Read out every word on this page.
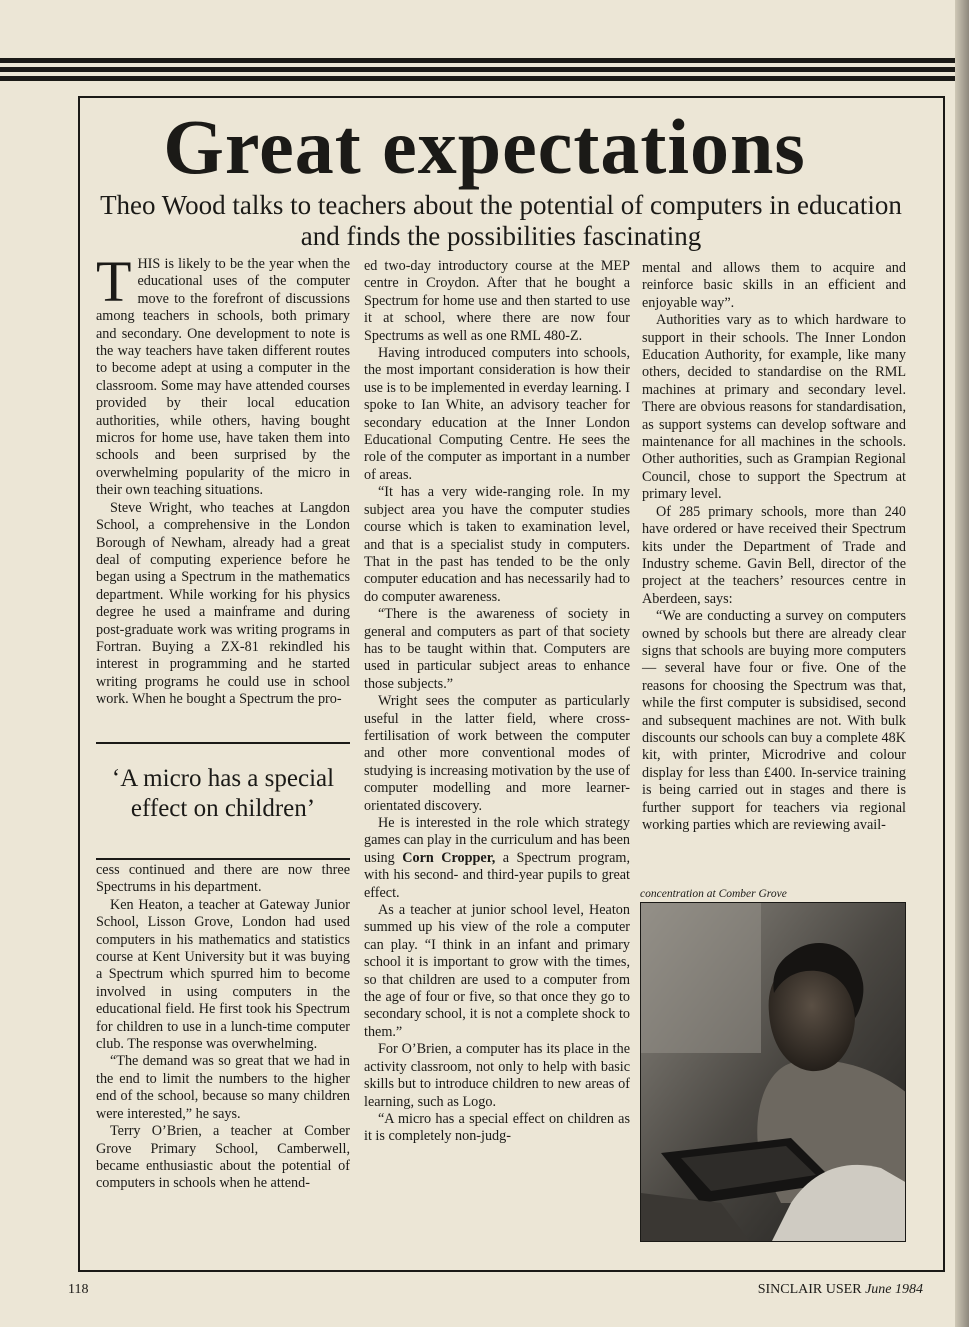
Great expectations
Theo Wood talks to teachers about the potential of computers in education and finds the possibilities fascinating

THIS is likely to be the year when the educational uses of the computer move to the forefront of discussions among teachers in schools, both primary and secondary. One development to note is the way teachers have taken different routes to become adept at using a computer in the classroom. Some may have attended courses provided by their local education authorities, while others, having bought micros for home use, have taken them into schools and been surprised by the overwhelming popularity of the micro in their own teaching situations.

Steve Wright, who teaches at Langdon School, a comprehensive in the London Borough of Newham, already had a great deal of computing experience before he began using a Spectrum in the mathematics department. While working for his physics degree he used a mainframe and during post-graduate work was writing programs in Fortran. Buying a ZX-81 rekindled his interest in programming and he started writing programs he could use in school work. When he bought a Spectrum the pro-

‘A micro has a special effect on children’

cess continued and there are now three Spectrums in his department.

Ken Heaton, a teacher at Gateway Junior School, Lisson Grove, London had used computers in his mathematics and statistics course at Kent University but it was buying a Spectrum which spurred him to become involved in using computers in the educational field. He first took his Spectrum for children to use in a lunch-time computer club. The response was overwhelming.

“The demand was so great that we had in the end to limit the numbers to the higher end of the school, because so many children were interested,” he says.

Terry O’Brien, a teacher at Comber Grove Primary School, Camberwell, became enthusiastic about the potential of computers in schools when he attend-

ed two-day introductory course at the MEP centre in Croydon. After that he bought a Spectrum for home use and then started to use it at school, where there are now four Spectrums as well as one RML 480-Z.

Having introduced computers into schools, the most important consideration is how their use is to be implemented in everday learning. I spoke to Ian White, an advisory teacher for secondary education at the Inner London Educational Computing Centre. He sees the role of the computer as important in a number of areas.

“It has a very wide-ranging role. In my subject area you have the computer studies course which is taken to examination level, and that is a specialist study in computers. That in the past has tended to be the only computer education and has necessarily had to do computer awareness.

“There is the awareness of society in general and computers as part of that society has to be taught within that. Computers are used in particular subject areas to enhance those subjects.”

Wright sees the computer as particularly useful in the latter field, where cross-fertilisation of work between the computer and other more conventional modes of studying is increasing motivation by the use of computer modelling and more learner-orientated discovery.

He is interested in the role which strategy games can play in the curriculum and has been using Corn Cropper, a Spectrum program, with his second- and third-year pupils to great effect.

As a teacher at junior school level, Heaton summed up his view of the role a computer can play. “I think in an infant and primary school it is important to grow with the times, so that children are used to a computer from the age of four or five, so that once they go to secondary school, it is not a complete shock to them.”

For O’Brien, a computer has its place in the activity classroom, not only to help with basic skills but to introduce children to new areas of learning, such as Logo.

“A micro has a special effect on children as it is completely non-judg-

mental and allows them to acquire and reinforce basic skills in an efficient and enjoyable way”.

Authorities vary as to which hardware to support in their schools. The Inner London Education Authority, for example, like many others, decided to standardise on the RML machines at primary and secondary level. There are obvious reasons for standardisation, as support systems can develop software and maintenance for all machines in the schools. Other authorities, such as Grampian Regional Council, chose to support the Spectrum at primary level.

Of 285 primary schools, more than 240 have ordered or have received their Spectrum kits under the Department of Trade and Industry scheme. Gavin Bell, director of the project at the teachers’ resources centre in Aberdeen, says:

“We are conducting a survey on computers owned by schools but there are already clear signs that schools are buying more computers — several have four or five. One of the reasons for choosing the Spectrum was that, while the first computer is subsidised, second and subsequent machines are not. With bulk discounts our schools can buy a complete 48K kit, with printer, Microdrive and colour display for less than £400. In-service training is being carried out in stages and there is further support for teachers via regional working parties which are reviewing avail-

concentration at Comber Grove
118	SINCLAIR USER June 1984
